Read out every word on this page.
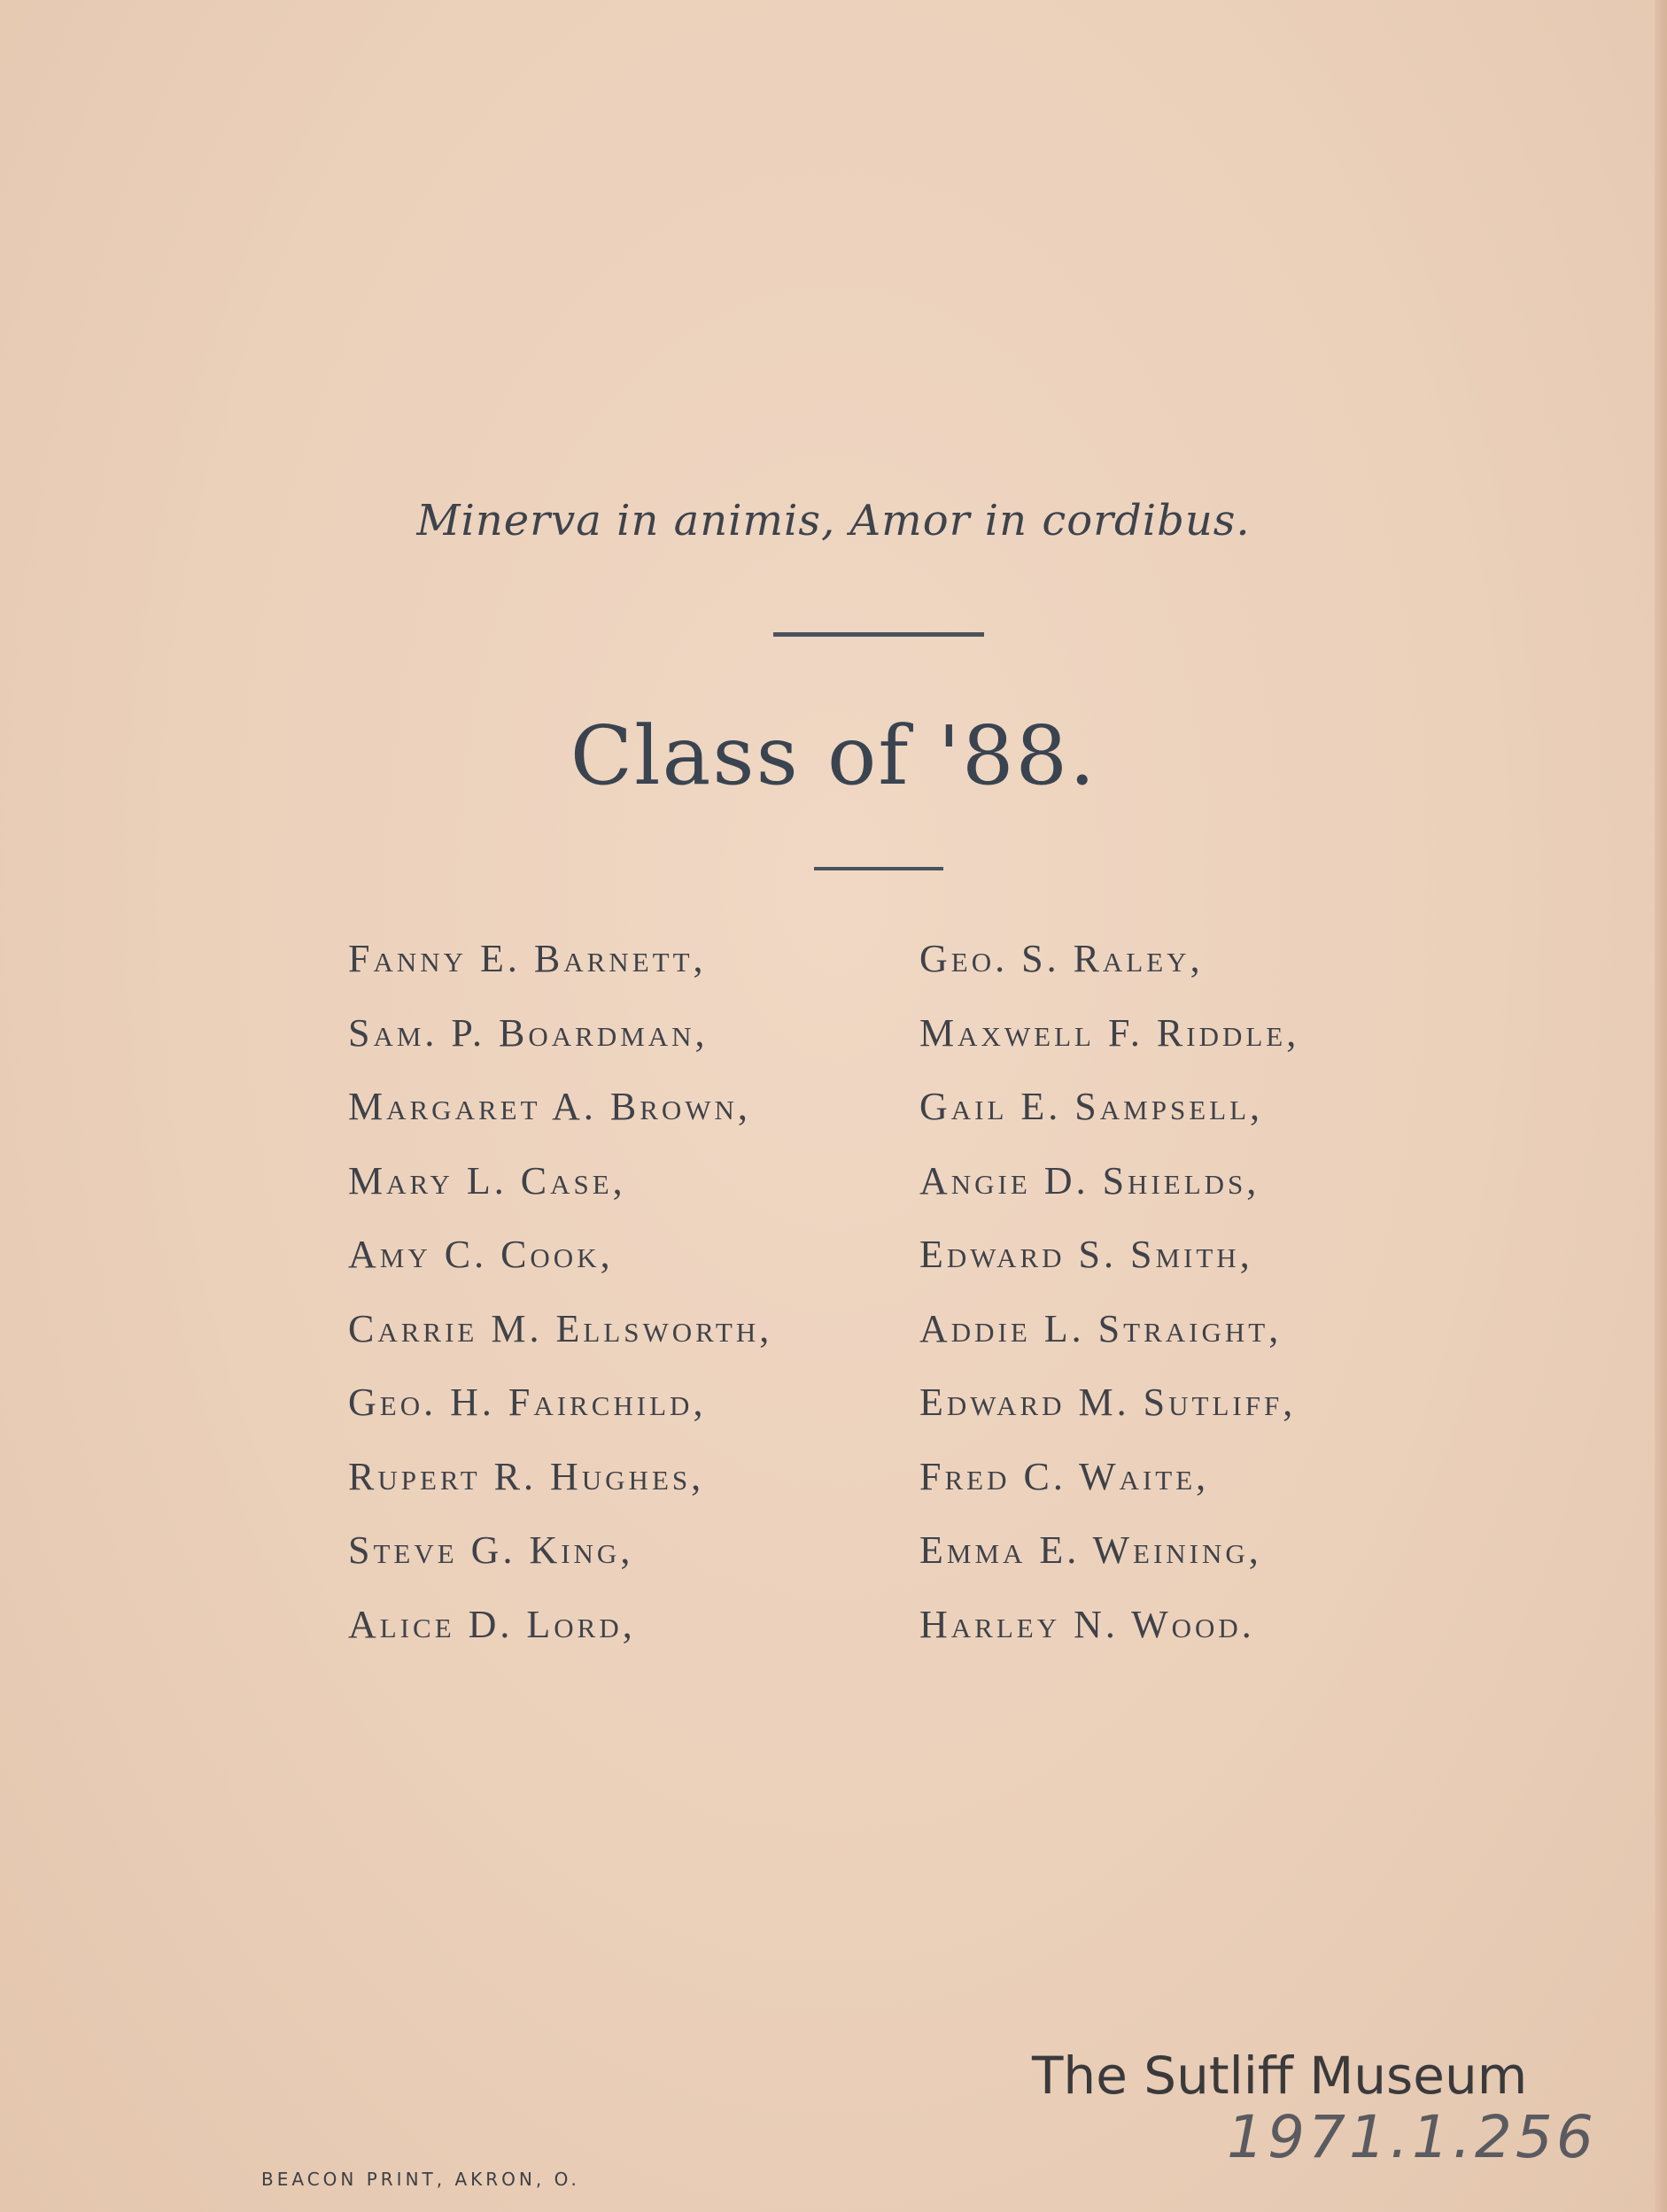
Minerva in animis, Amor in cordibus.
Class of '88.
Fanny E. Barnett,
Sam. P. Boardman,
Margaret A. Brown,
Mary L. Case,
Amy C. Cook,
Carrie M. Ellsworth,
Geo. H. Fairchild,
Rupert R. Hughes,
Steve G. King,
Alice D. Lord,
Geo. S. Raley,
Maxwell F. Riddle,
Gail E. Sampsell,
Angie D. Shields,
Edward S. Smith,
Addie L. Straight,
Edward M. Sutliff,
Fred C. Waite,
Emma E. Weining,
Harley N. Wood.
BEACON PRINT, AKRON, O.
The Sutliff Museum
1971.1.256
